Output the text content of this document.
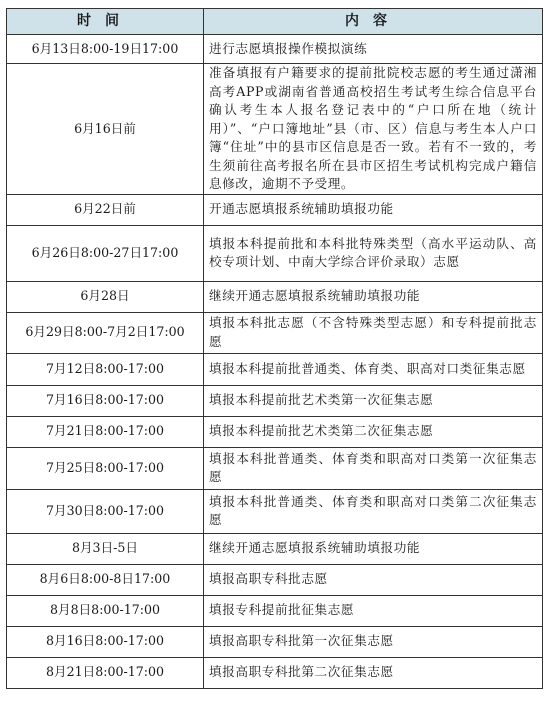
时间	内容
6月13日8:00-19日17:00	进行志愿填报操作模拟演练
6月16日前	准备填报有户籍要求的提前批院校志愿的考生通过潇湘高考APP或湖南省普通高校招生考试考生综合信息平台确认考生本人报名登记表中的“户口所在地（统计用）”、“户口簿地址”县（市、区）信息与考生本人户口簿“住址”中的县市区信息是否一致。若有不一致的，考生须前往高考报名所在县市区招生考试机构完成户籍信息修改，逾期不予受理。
6月22日前	开通志愿填报系统辅助填报功能
6月26日8:00-27日17:00	填报本科提前批和本科批特殊类型（高水平运动队、高校专项计划、中南大学综合评价录取）志愿
6月28日	继续开通志愿填报系统辅助填报功能
6月29日8:00-7月2日17:00	填报本科批志愿（不含特殊类型志愿）和专科提前批志愿
7月12日8:00-17:00	填报本科提前批普通类、体育类、职高对口类征集志愿
7月16日8:00-17:00	填报本科提前批艺术类第一次征集志愿
7月21日8:00-17:00	填报本科提前批艺术类第二次征集志愿
7月25日8:00-17:00	填报本科批普通类、体育类和职高对口类第一次征集志愿
7月30日8:00-17:00	填报本科批普通类、体育类和职高对口类第二次征集志愿
8月3日-5日	继续开通志愿填报系统辅助填报功能
8月6日8:00-8日17:00	填报高职专科批志愿
8月8日8:00-17:00	填报专科提前批征集志愿
8月16日8:00-17:00	填报高职专科批第一次征集志愿
8月21日8:00-17:00	填报高职专科批第二次征集志愿
